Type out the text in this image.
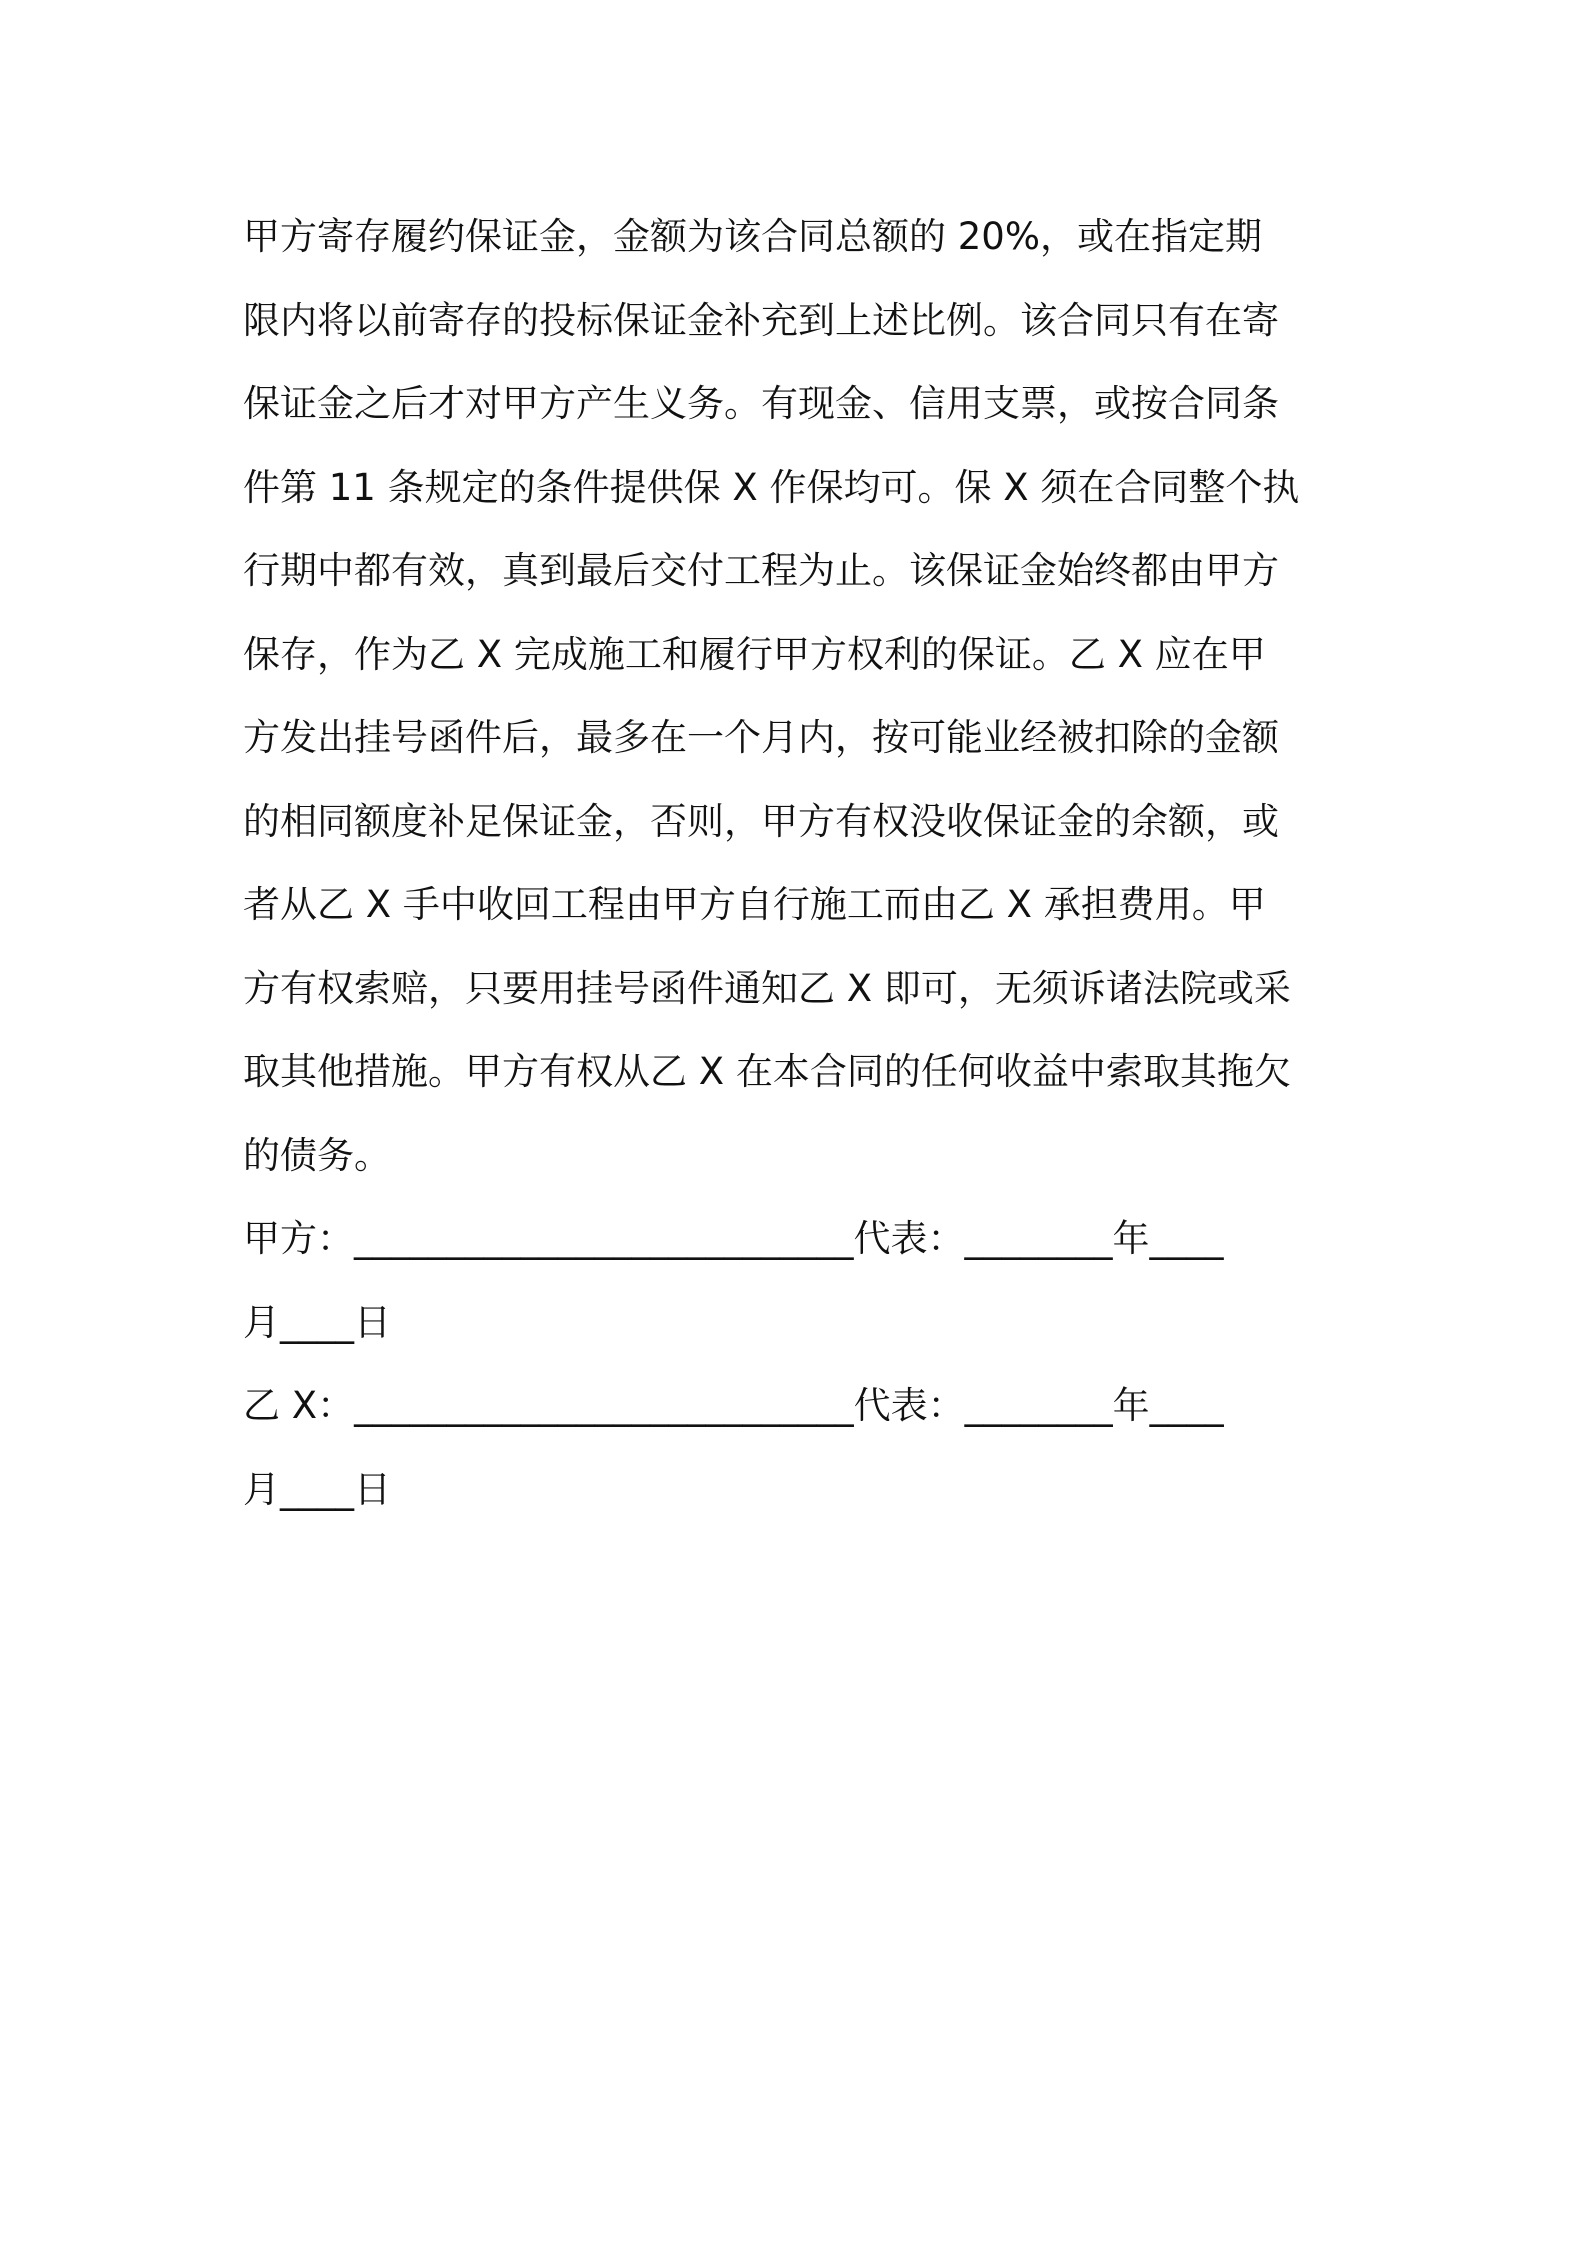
甲方寄存履约保证金，金额为该合同总额的 20%，或在指定期
限内将以前寄存的投标保证金补充到上述比例。该合同只有在寄
保证金之后才对甲方产生义务。有现金、信用支票，或按合同条
件第 11 条规定的条件提供保 X 作保均可。保 X 须在合同整个执
行期中都有效，真到最后交付工程为止。该保证金始终都由甲方
保存，作为乙 X 完成施工和履行甲方权利的保证。乙 X 应在甲
方发出挂号函件后，最多在一个月内，按可能业经被扣除的金额
的相同额度补足保证金，否则，甲方有权没收保证金的余额，或
者从乙 X 手中收回工程由甲方自行施工而由乙 X 承担费用。甲
方有权索赔，只要用挂号函件通知乙 X 即可，无须诉诸法院或采
取其他措施。甲方有权从乙 X 在本合同的任何收益中索取其拖欠
的债务。
甲方：___________________________代表：________年____
月____日
乙 X：___________________________代表：________年____
月____日
